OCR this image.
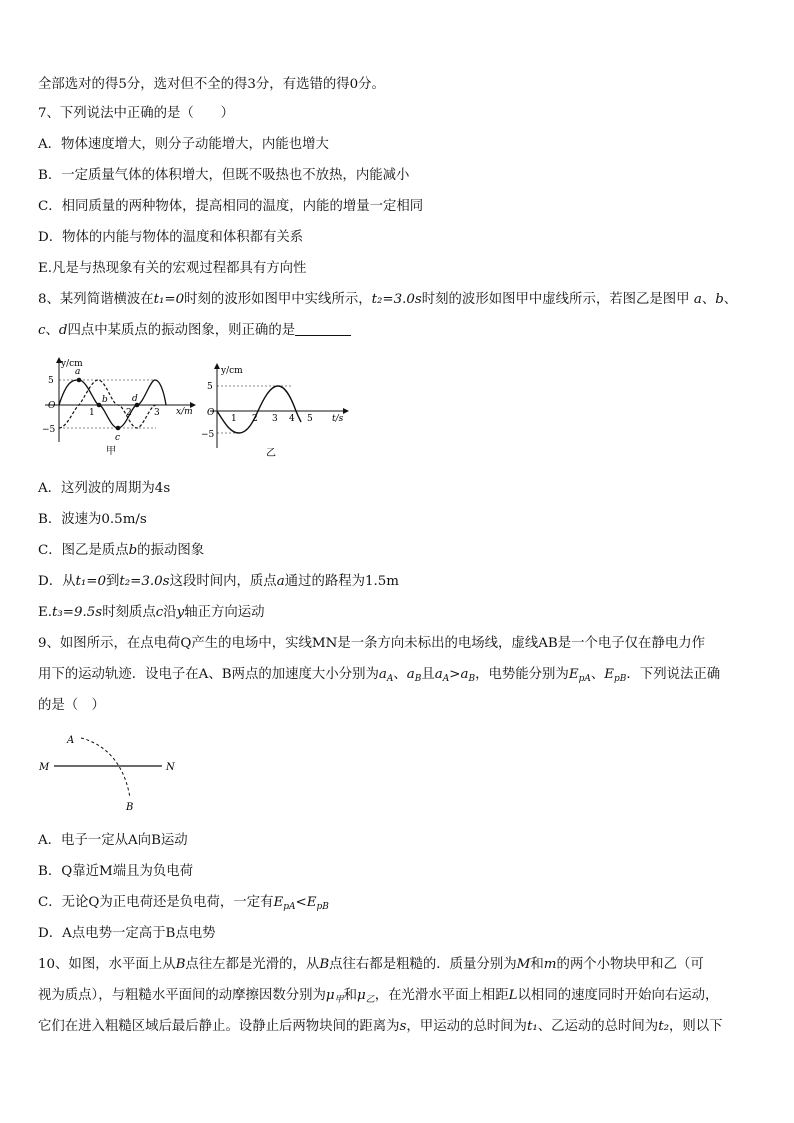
全部选对的得5分，选对但不全的得3分，有选错的得0分。
7、下列说法中正确的是（　　）
A．物体速度增大，则分子动能增大，内能也增大
B．一定质量气体的体积增大，但既不吸热也不放热，内能减小
C．相同质量的两种物体，提高相同的温度，内能的增量一定相同
D．物体的内能与物体的温度和体积都有关系
E.凡是与热现象有关的宏观过程都具有方向性
8、某列简谐横波在t₁=0时刻的波形如图甲中实线所示，t₂=3.0s时刻的波形如图甲中虚线所示，若图乙是图甲 a、b、
c、d四点中某质点的振动图象，则正确的是
y/cm
x/m
5
O
−5
1	2 3
a
b
c
d
甲
y/cm
t/s
5
O
−5
1 2 3 4 5
乙
A．这列波的周期为4s
B．波速为0.5m/s
C．图乙是质点b的振动图象
D．从t₁=0到t₂=3.0s这段时间内，质点a通过的路程为1.5m
E.t₃=9.5s时刻质点c沿y轴正方向运动
9、如图所示，在点电荷Q产生的电场中，实线MN是一条方向未标出的电场线，虚线AB是一个电子仅在静电力作
用下的运动轨迹．设电子在A、B两点的加速度大小分别为$a_A$、$a_B$且$a_A>a_B$，电势能分别为$E_{pA}$、$E_{pB}$．下列说法正确
的是（　）
A
B
M	N
A．电子一定从A向B运动
B．Q靠近M端且为负电荷
C．无论Q为正电荷还是负电荷，一定有$E_{pA}<E_{pB}$
D．A点电势一定高于B点电势
10、如图，水平面上从B点往左都是光滑的，从B点往右都是粗糙的．质量分别为M和m的两个小物块甲和乙（可
视为质点），与粗糙水平面间的动摩擦因数分别为$\mu_甲$和$\mu_乙$，在光滑水平面上相距L以相同的速度同时开始向右运动，
它们在进入粗糙区域后最后静止。设静止后两物块间的距离为s，甲运动的总时间为t₁、乙运动的总时间为t₂，则以下
